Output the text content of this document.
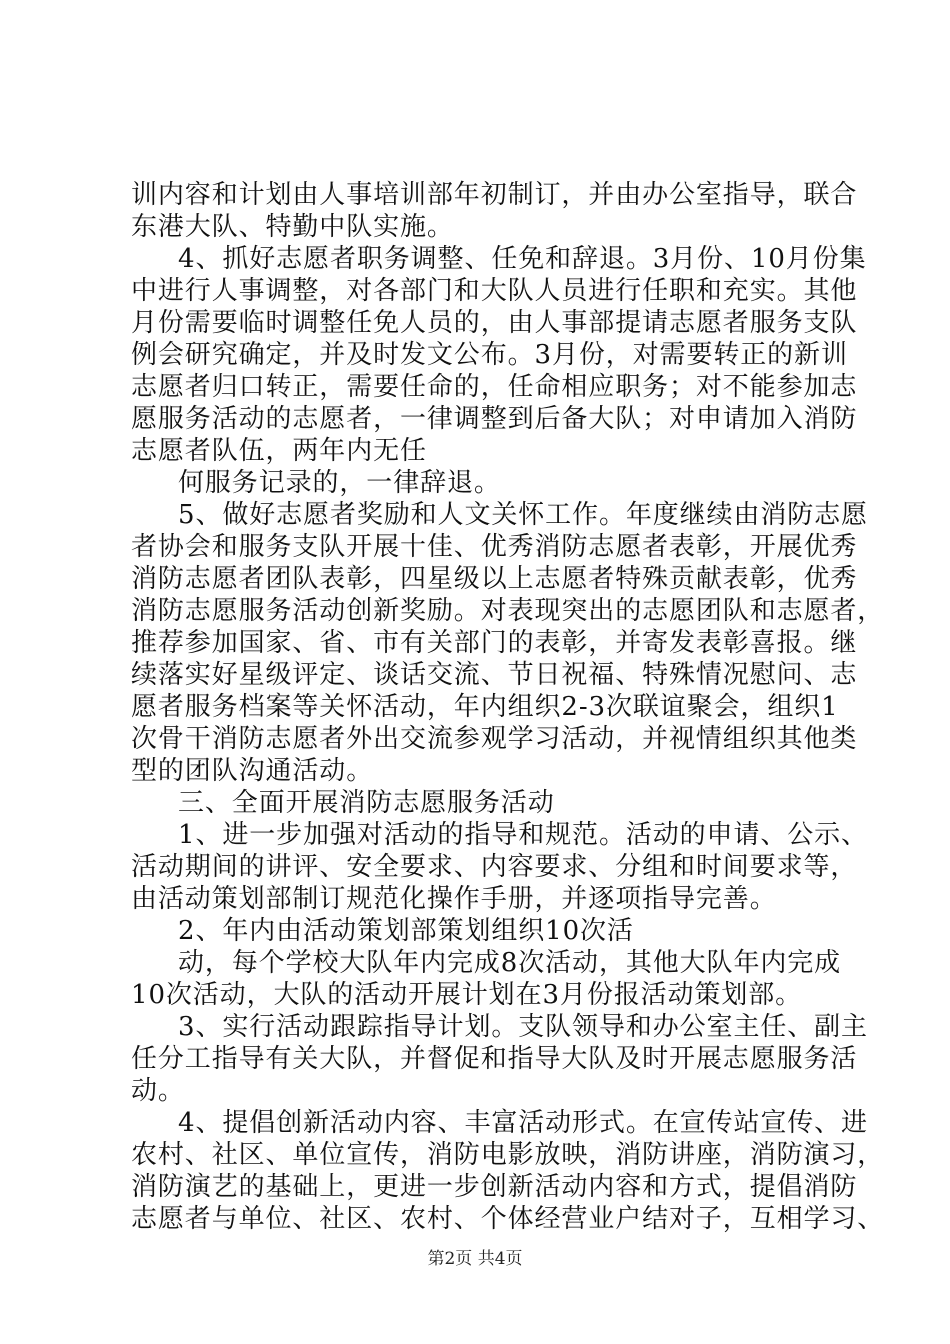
训内容和计划由人事培训部年初制订，并由办公室指导，联合
东港大队、特勤中队实施。
4、抓好志愿者职务调整、任免和辞退。3月份、10月份集
中进行人事调整，对各部门和大队人员进行任职和充实。其他
月份需要临时调整任免人员的，由人事部提请志愿者服务支队
例会研究确定，并及时发文公布。3月份，对需要转正的新训
志愿者归口转正，需要任命的，任命相应职务；对不能参加志
愿服务活动的志愿者，一律调整到后备大队；对申请加入消防
志愿者队伍，两年内无任
何服务记录的，一律辞退。
5、做好志愿者奖励和人文关怀工作。年度继续由消防志愿
者协会和服务支队开展十佳、优秀消防志愿者表彰，开展优秀
消防志愿者团队表彰，四星级以上志愿者特殊贡献表彰，优秀
消防志愿服务活动创新奖励。对表现突出的志愿团队和志愿者，
推荐参加国家、省、市有关部门的表彰，并寄发表彰喜报。继
续落实好星级评定、谈话交流、节日祝福、特殊情况慰问、志
愿者服务档案等关怀活动，年内组织2-3次联谊聚会，组织1
次骨干消防志愿者外出交流参观学习活动，并视情组织其他类
型的团队沟通活动。
三、全面开展消防志愿服务活动
1、进一步加强对活动的指导和规范。活动的申请、公示、
活动期间的讲评、安全要求、内容要求、分组和时间要求等，
由活动策划部制订规范化操作手册，并逐项指导完善。
2、年内由活动策划部策划组织10次活
动，每个学校大队年内完成8次活动，其他大队年内完成
10次活动，大队的活动开展计划在3月份报活动策划部。
3、实行活动跟踪指导计划。支队领导和办公室主任、副主
任分工指导有关大队，并督促和指导大队及时开展志愿服务活
动。
4、提倡创新活动内容、丰富活动形式。在宣传站宣传、进
农村、社区、单位宣传，消防电影放映，消防讲座，消防演习，
消防演艺的基础上，更进一步创新活动内容和方式，提倡消防
志愿者与单位、社区、农村、个体经营业户结对子，互相学习、
第2页 共4页
